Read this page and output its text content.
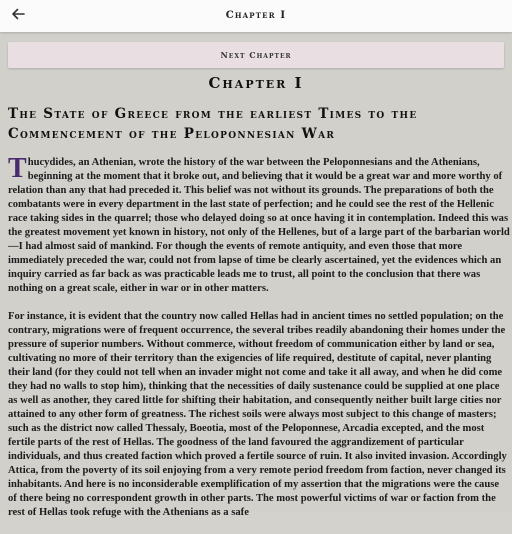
Chapter I
Next Chapter
Chapter I
The State of Greece from the earliest Times to the Commencement of the Peloponnesian War

Thucydides, an Athenian, wrote the history of the war between the Peloponnesians and the Athenians, beginning at the moment that it broke out, and believing that it would be a great war and more worthy of relation than any that had preceded it. This belief was not without its grounds. The preparations of both the combatants were in every department in the last state of perfection; and he could see the rest of the Hellenic race taking sides in the quarrel; those who delayed doing so at once having it in contemplation. Indeed this was the greatest movement yet known in history, not only of the Hellenes, but of a large part of the barbarian world—I had almost said of mankind. For though the events of remote antiquity, and even those that more immediately preceded the war, could not from lapse of time be clearly ascertained, yet the evidences which an inquiry carried as far back as was practicable leads me to trust, all point to the conclusion that there was nothing on a great scale, either in war or in other matters.

For instance, it is evident that the country now called Hellas had in ancient times no settled population; on the contrary, migrations were of frequent occurrence, the several tribes readily abandoning their homes under the pressure of superior numbers. Without commerce, without freedom of communication either by land or sea, cultivating no more of their territory than the exigencies of life required, destitute of capital, never planting their land (for they could not tell when an invader might not come and take it all away, and when he did come they had no walls to stop him), thinking that the necessities of daily sustenance could be supplied at one place as well as another, they cared little for shifting their habitation, and consequently neither built large cities nor attained to any other form of greatness. The richest soils were always most subject to this change of masters; such as the district now called Thessaly, Boeotia, most of the Peloponnese, Arcadia excepted, and the most fertile parts of the rest of Hellas. The goodness of the land favoured the aggrandizement of particular individuals, and thus created faction which proved a fertile source of ruin. It also invited invasion. Accordingly Attica, from the poverty of its soil enjoying from a very remote period freedom from faction, never changed its inhabitants. And here is no inconsiderable exemplification of my assertion that the migrations were the cause of there being no correspondent growth in other parts. The most powerful victims of war or faction from the rest of Hellas took refuge with the Athenians as a safe
